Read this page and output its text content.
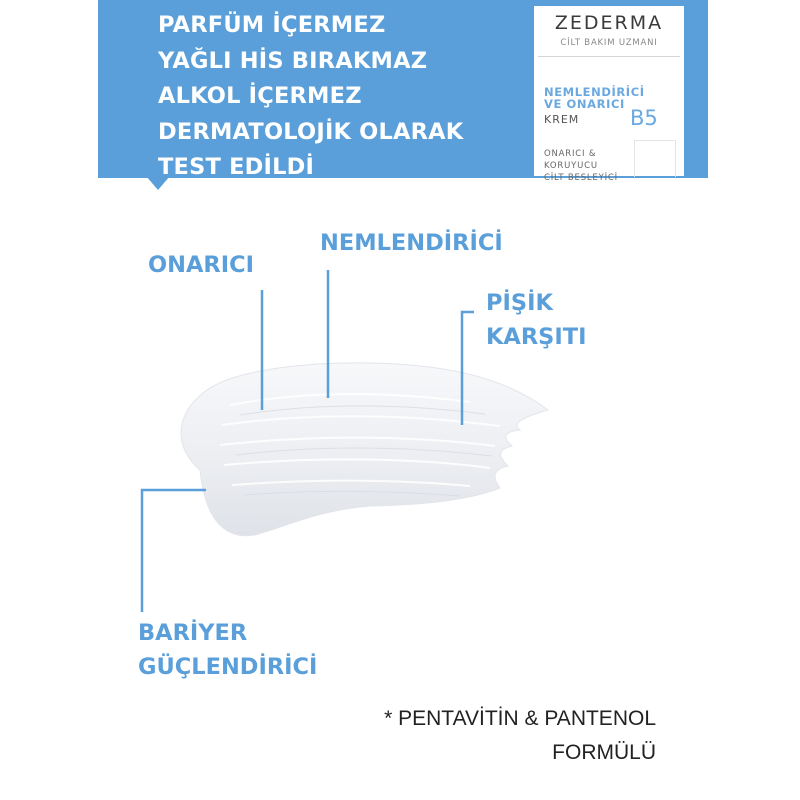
PARFÜM İÇERMEZ
YAĞLI HİS BIRAKMAZ
ALKOL İÇERMEZ
DERMATOLOJİK OLARAK
TEST EDİLDİ
ZEDERMA
CİLT BAKIM UZMANI
NEMLENDİRİCİ
VE ONARICI
KREM B5
ONARICI &
KORUYUCU
CİLT BESLEYİCİ
ONARICI
NEMLENDİRİCİ
PİŞİK
KARŞITI
BARİYER
GÜÇLENDİRİCİ
* PENTAVİTİN & PANTENOL
FORMÜLÜ
